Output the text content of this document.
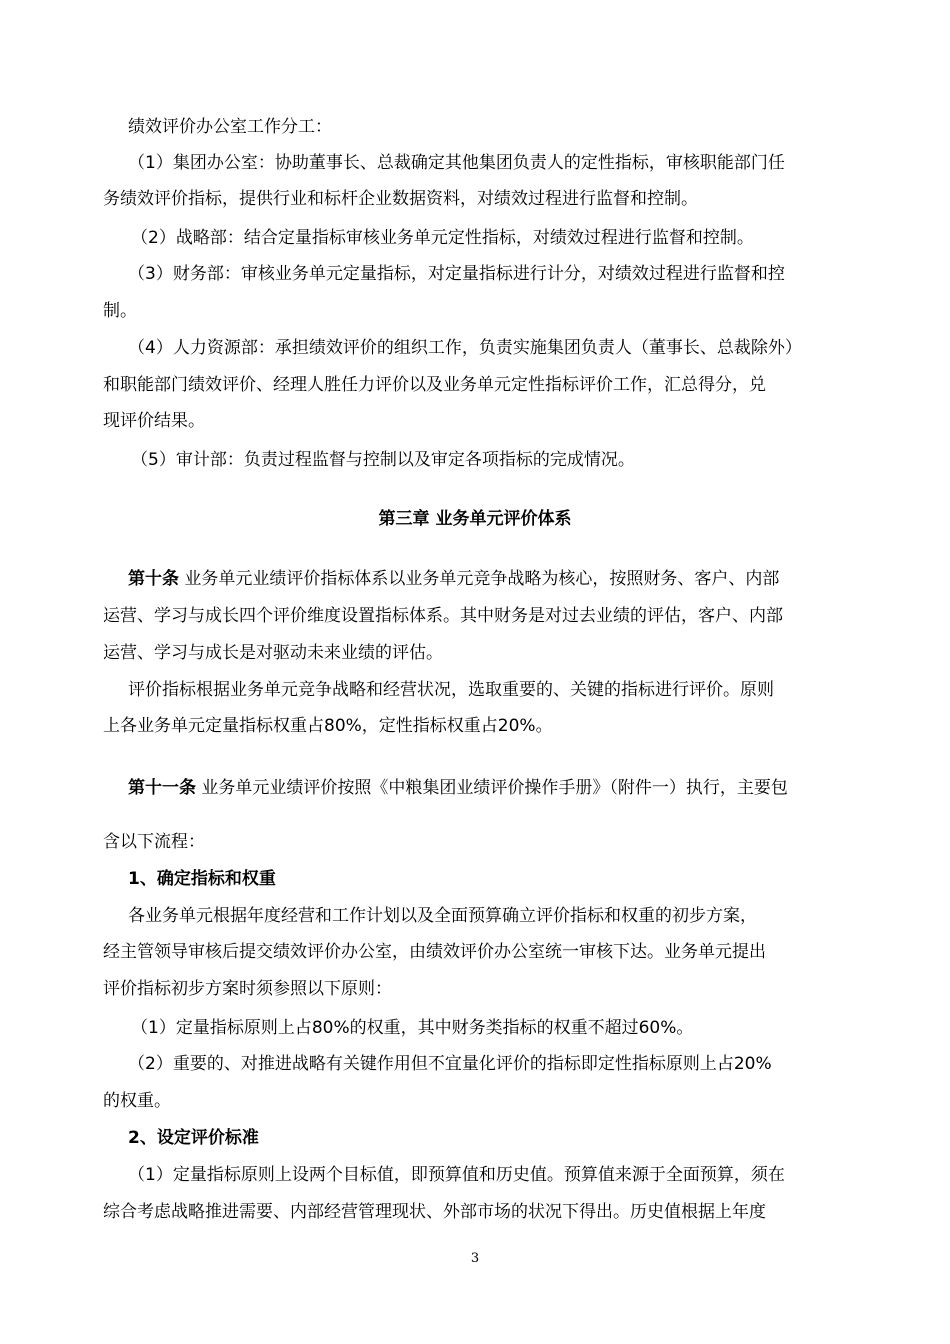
绩效评价办公室工作分工：
（1）集团办公室：协助董事长、总裁确定其他集团负责人的定性指标，审核职能部门任
务绩效评价指标，提供行业和标杆企业数据资料，对绩效过程进行监督和控制。
（2）战略部：结合定量指标审核业务单元定性指标，对绩效过程进行监督和控制。
（3）财务部：审核业务单元定量指标，对定量指标进行计分，对绩效过程进行监督和控
制。
（4）人力资源部：承担绩效评价的组织工作，负责实施集团负责人（董事长、总裁除外）
和职能部门绩效评价、经理人胜任力评价以及业务单元定性指标评价工作，汇总得分，兑
现评价结果。
（5）审计部：负责过程监督与控制以及审定各项指标的完成情况。
第三章 业务单元评价体系
第十条 业务单元业绩评价指标体系以业务单元竞争战略为核心，按照财务、客户、内部
运营、学习与成长四个评价维度设置指标体系。其中财务是对过去业绩的评估，客户、内部
运营、学习与成长是对驱动未来业绩的评估。
评价指标根据业务单元竞争战略和经营状况，选取重要的、关键的指标进行评价。原则
上各业务单元定量指标权重占80%，定性指标权重占20%。
第十一条 业务单元业绩评价按照《中粮集团业绩评价操作手册》（附件一）执行，主要包
含以下流程：
1、确定指标和权重
各业务单元根据年度经营和工作计划以及全面预算确立评价指标和权重的初步方案，
经主管领导审核后提交绩效评价办公室，由绩效评价办公室统一审核下达。业务单元提出
评价指标初步方案时须参照以下原则：
（1）定量指标原则上占80%的权重，其中财务类指标的权重不超过60%。
（2）重要的、对推进战略有关键作用但不宜量化评价的指标即定性指标原则上占20%
的权重。
2、设定评价标准
（1）定量指标原则上设两个目标值，即预算值和历史值。预算值来源于全面预算，须在
综合考虑战略推进需要、内部经营管理现状、外部市场的状况下得出。历史值根据上年度
3
